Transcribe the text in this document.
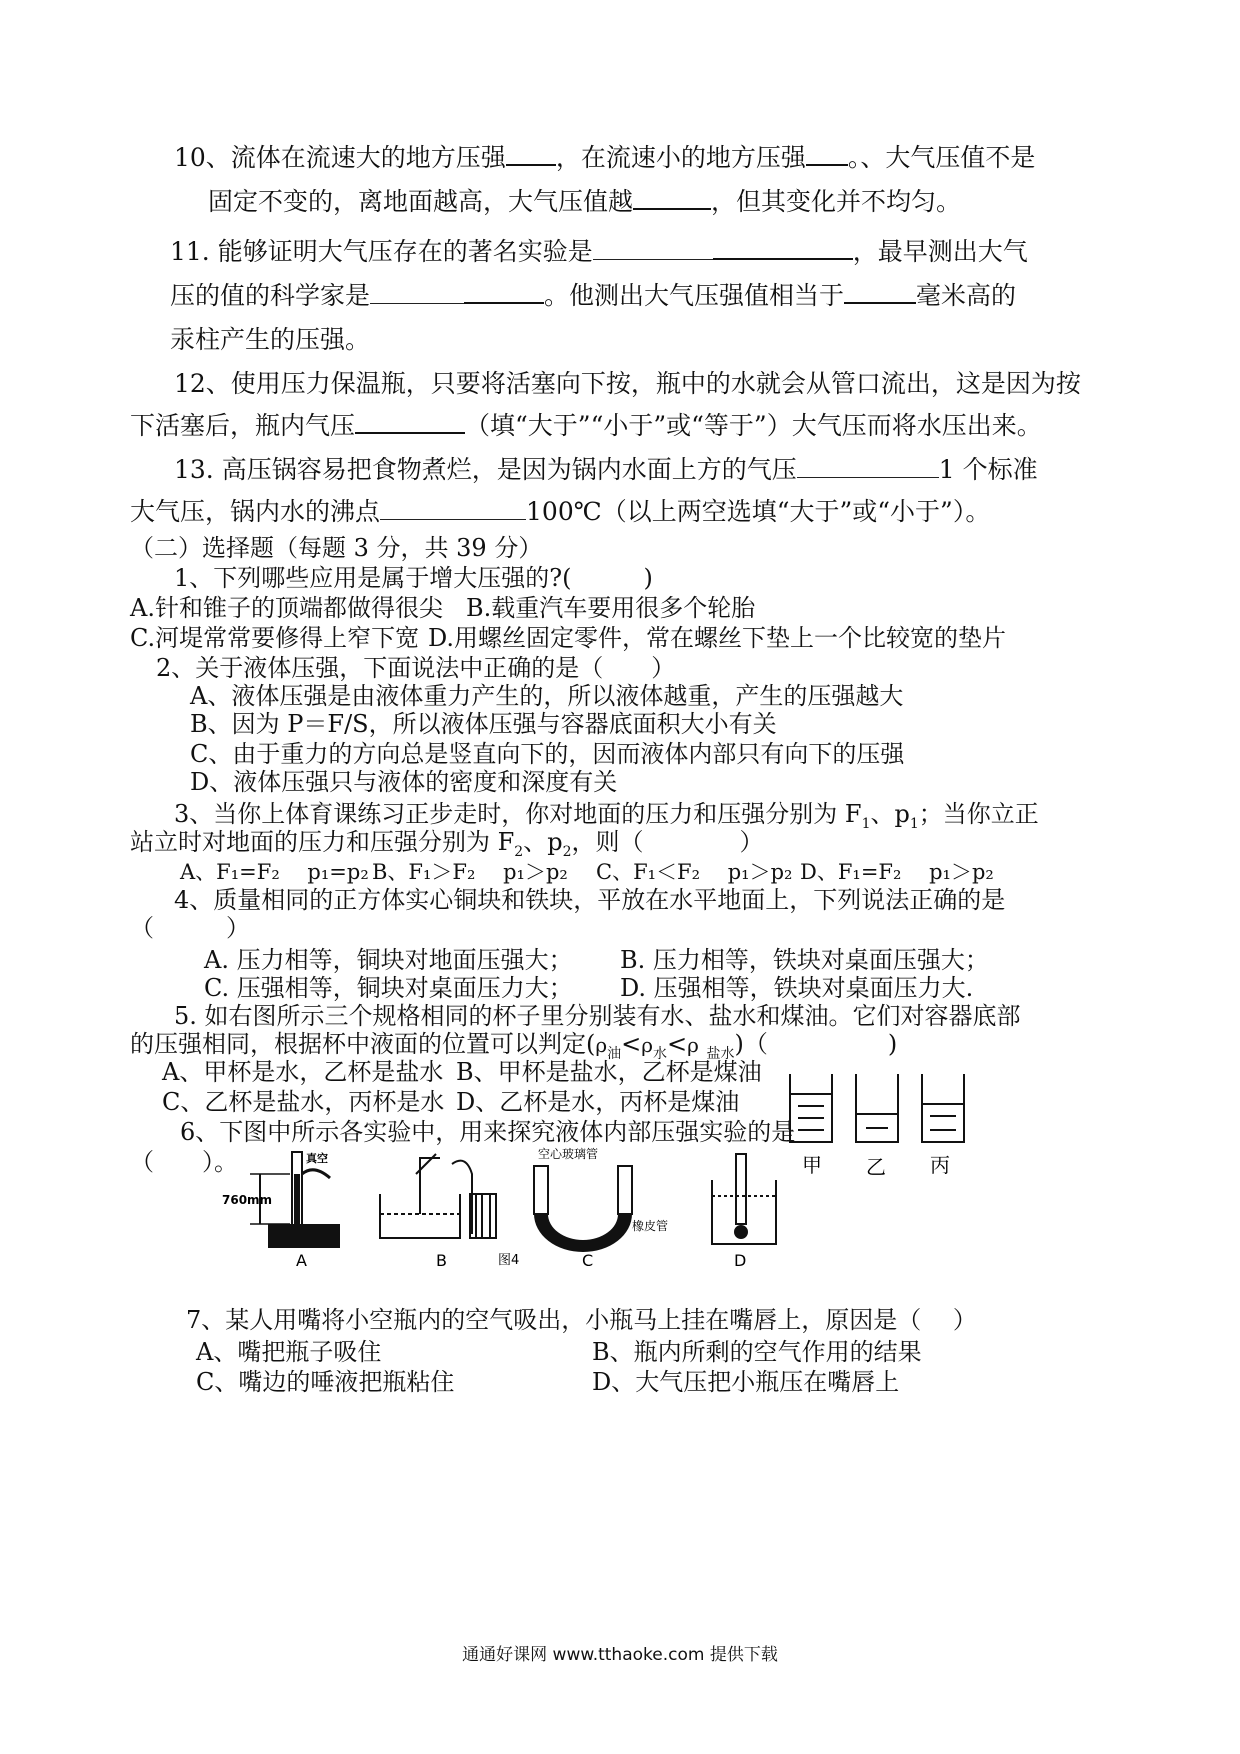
10、流体在流速大的地方压强 ，在流速小的地方压强 。、大气压值不是
固定不变的，离地面越高，大气压值越	，但其变化并不均匀。
11. 能够证明大气压存在的著名实验是	，最早测出大气
压的值的科学家是	。他测出大气压强值相当于	毫米高的
汞柱产生的压强。
12、使用压力保温瓶，只要将活塞向下按，瓶中的水就会从管口流出，这是因为按
下活塞后，瓶内气压	（填“大于”“小于”或“等于”）大气压而将水压出来。
13. 高压锅容易把食物煮烂，是因为锅内水面上方的气压	1 个标准
大气压，锅内水的沸点	100℃（以上两空选填“大于”或“小于”）。
（二）选择题（每题 3 分，共 39 分）
1、下列哪些应用是属于增大压强的?(　　　)
A.针和锥子的顶端都做得很尖 B.载重汽车要用很多个轮胎
C.河堤常常要修得上窄下宽 D.用螺丝固定零件，常在螺丝下垫上一个比较宽的垫片
2、关于液体压强，下面说法中正确的是（　　）
A、液体压强是由液体重力产生的，所以液体越重，产生的压强越大
B、因为 P＝F/S，所以液体压强与容器底面积大小有关
C、由于重力的方向总是竖直向下的，因而液体内部只有向下的压强
D、液体压强只与液体的密度和深度有关
3、当你上体育课练习正步走时，你对地面的压力和压强分别为 $F_1$、$p_1$；当你立正
站立时对地面的压力和压强分别为 $F_2$、$p_2$，则（　　　　）
A、F₁=F₂　 p₁=p₂ B、F₁＞F₂　 p₁＞p₂ C、F₁＜F₂　 p₁＞p₂ D、F₁=F₂　 p₁＞p₂
4、质量相同的正方体实心铜块和铁块，平放在水平地面上，下列说法正确的是
（　　　）
A. 压力相等，铜块对地面压强大； B. 压力相等，铁块对桌面压强大；
C. 压强相等，铜块对桌面压力大； D. 压强相等，铁块对桌面压力大.
5. 如右图所示三个规格相同的杯子里分别装有水、盐水和煤油。它们对容器底部
的压强相同，根据杯中液面的位置可以判定($\rho_油<\rho_水<\rho$ $_{盐水}$)（　　　　　)
A、甲杯是水，乙杯是盐水 B、甲杯是盐水，乙杯是煤油
C、乙杯是盐水，丙杯是水 D、乙杯是水，丙杯是煤油
甲 乙 丙
6、下图中所示各实验中，用来探究液体内部压强实验的是
（　　）。
760mm
真空
A	B	图4
空心玻璃管
橡皮管
C	D
7、某人用嘴将小空瓶内的空气吸出，小瓶马上挂在嘴唇上，原因是（　 ）
A、嘴把瓶子吸住	B、瓶内所剩的空气作用的结果
C、嘴边的唾液把瓶粘住	D、大气压把小瓶压在嘴唇上
通通好课网 www.tthaoke.com 提供下载
